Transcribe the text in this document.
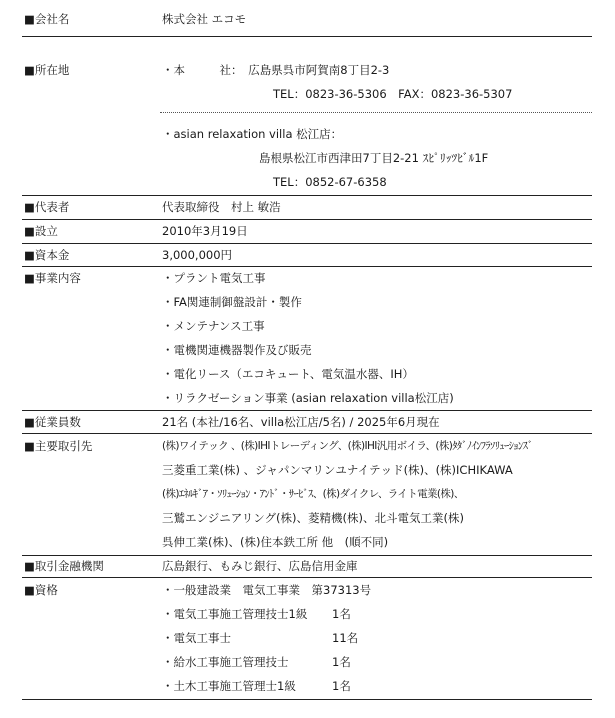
■会社名	株式会社 エコモ
■所在地	・本　　　社：　広島県呉市阿賀南8丁目2-3
TEL：0823-36-5306　FAX：0823-36-5307
・asian relaxation villa 松江店：
島根県松江市西津田7丁目2-21 ｽﾋﾟﾘｯﾂﾋﾞﾙ1F
TEL：0852-67-6358
■代表者	代表取締役　村上 敏浩
■設立	2010年3月19日
■資本金	3,000,000円
■事業内容	・プラント電気工事
・FA関連制御盤設計・製作
・メンテナンス工事
・電機関連機器製作及び販売
・電化リース（エコキュート、電気温水器、IH）
・リラクゼーション事業 (asian relaxation villa松江店)
■従業員数	21名 (本社/16名、villa松江店/5名) / 2025年6月現在
■主要取引先	(株)ワイテック 、(株)IHIトレーディング、(株)IHI汎用ボイラ、(株)ﾀﾀﾞﾉｲﾝﾌﾗｿﾘｭｰｼｮﾝｽﾞ
三菱重工業(株) 、ジャパンマリンユナイテッド(株)、(株)ICHIKAWA
(株)ｴﾈﾙｷﾞｱ・ｿﾘｭｰｼｮﾝ・ｱﾝﾄﾞ・ｻｰﾋﾞｽ、(株)ダイクレ、ライト電業(株)、
三鷲エンジニアリング(株)、菱精機(株)、北斗電気工業(株)
呉伸工業(株)、(株)住本鉄工所 他　(順不同)
■取引金融機関	広島銀行、もみじ銀行、広島信用金庫
■資格	・一般建設業　電気工事業　第37313号
・電気工事施工管理技士1級 1名
・電気工事士	11名
・給水工事施工管理技士	1名
・土木工事施工管理士1級	1名
